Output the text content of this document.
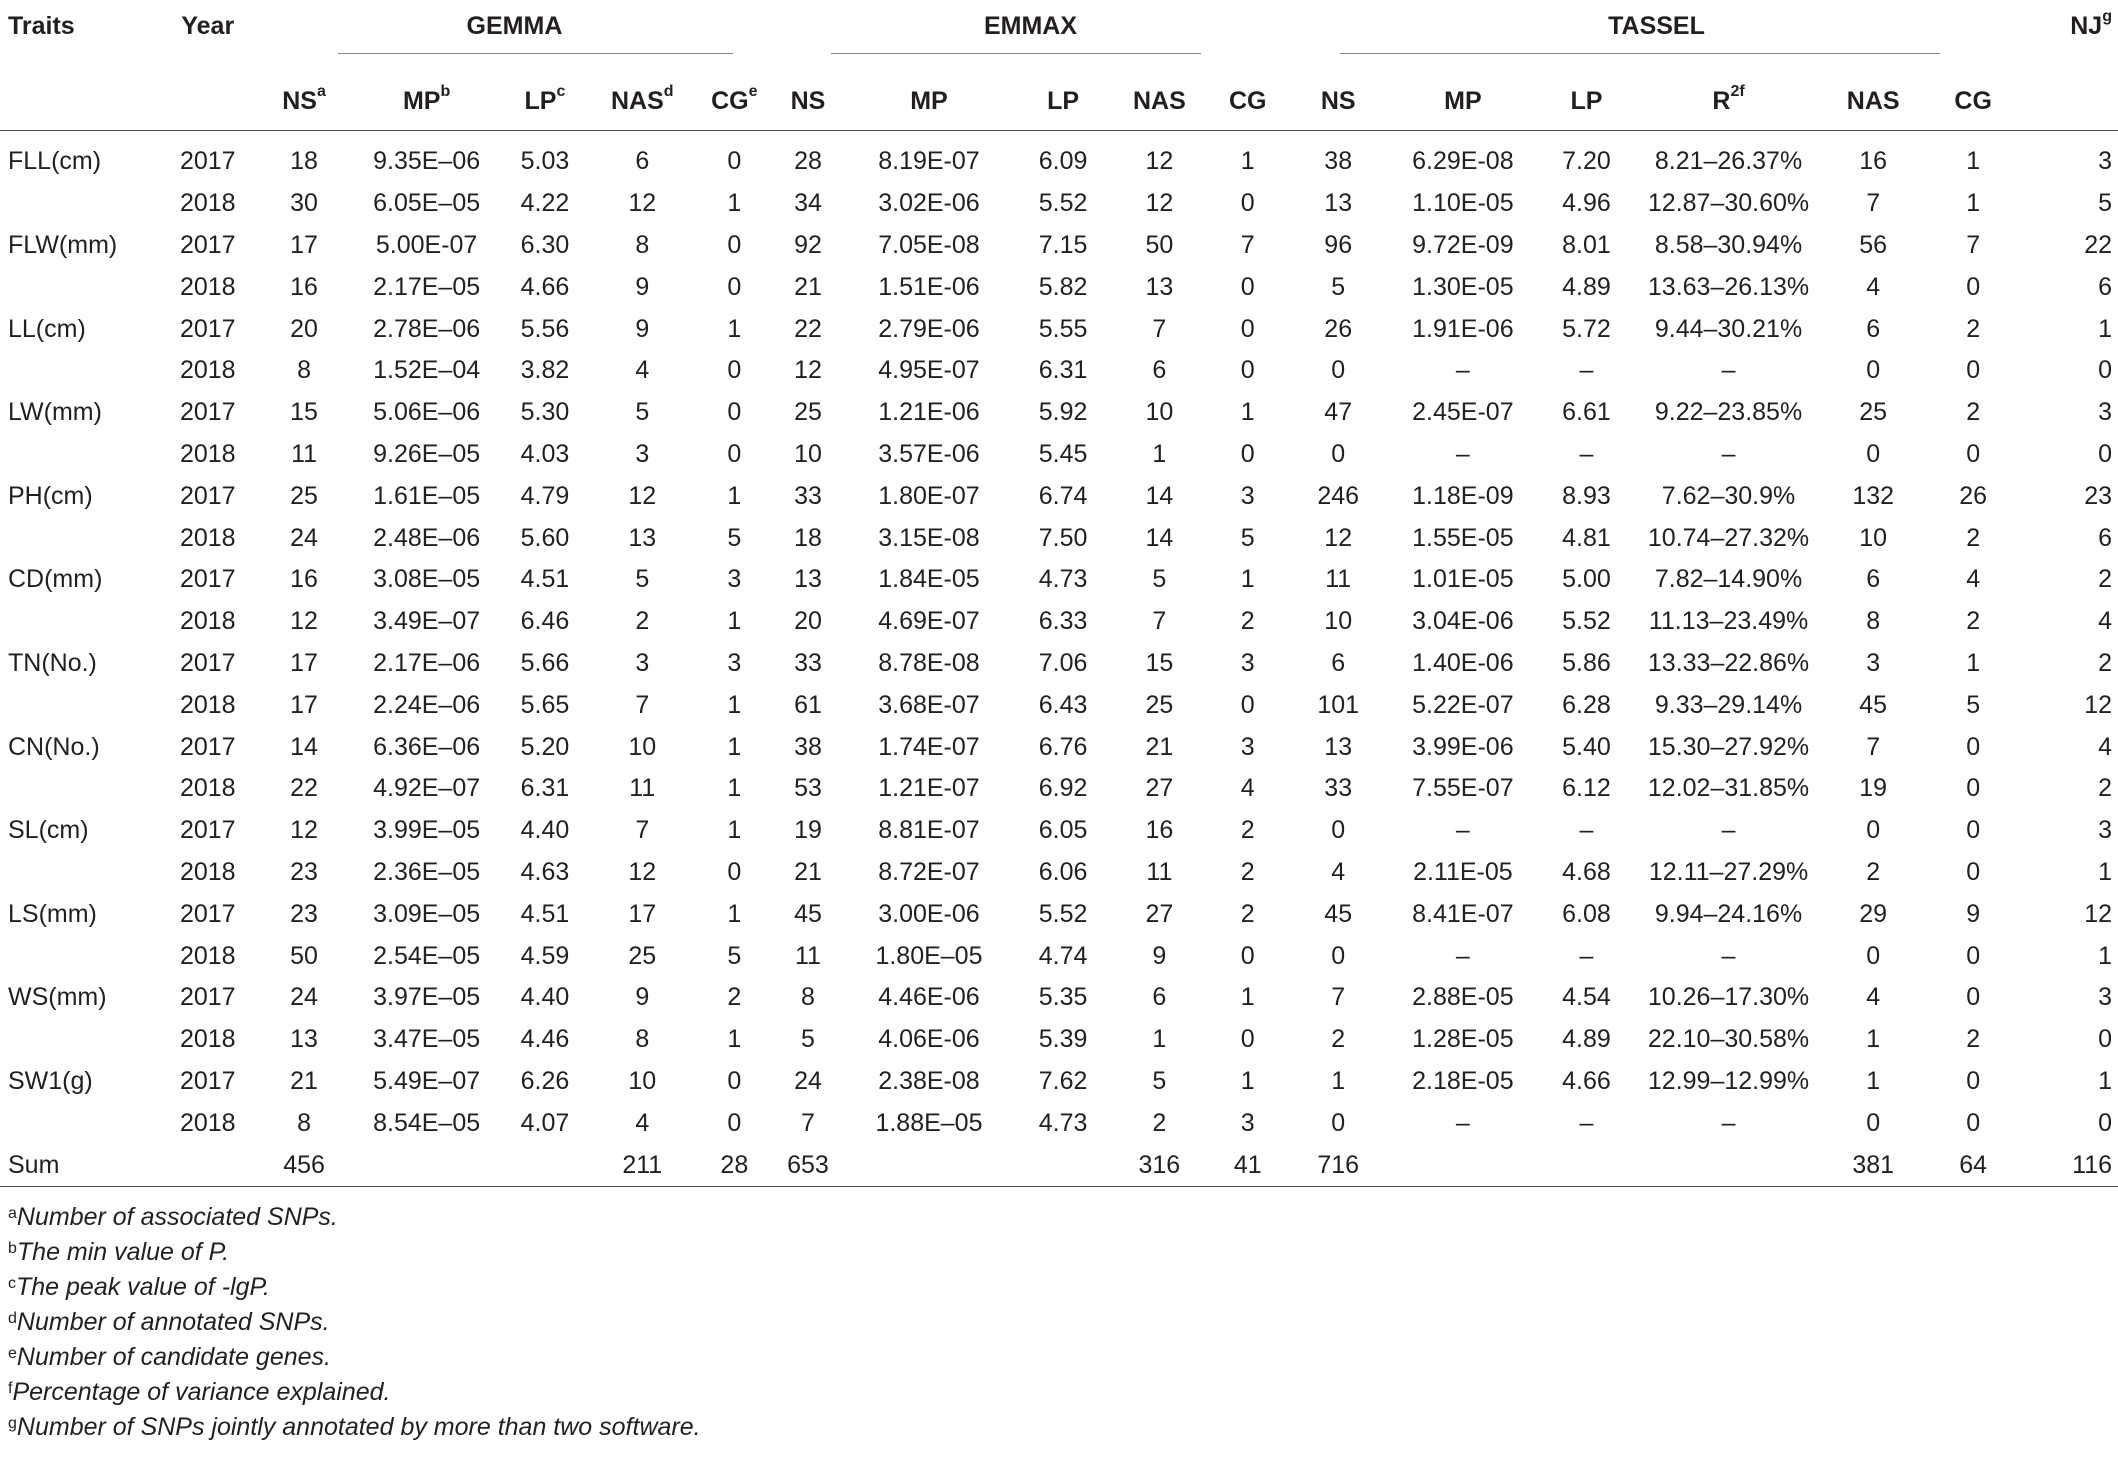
Traits	Year	GEMMA					EMMAX					TASSEL						$NJ^g$
		$NS^a$	$MP^b$	$LP^c$	NAS$^d$	$CG^e$	NS	MP	LP	NAS	CG	NS	MP	LP	$R^{2f}$	NAS	CG	
FLL(cm)	2017	18	9.35E–06	5.03	6	0	28	8.19E-07	6.09	12	1	38	6.29E-08	7.20	8.21–26.37%	16	1	3
	2018	30	6.05E–05	4.22	12	1	34	3.02E-06	5.52	12	0	13	1.10E-05	4.96	12.87–30.60%	7	1	5
FLW(mm)	2017	17	5.00E-07	6.30	8	0	92	7.05E-08	7.15	50	7	96	9.72E-09	8.01	8.58–30.94%	56	7	22
	2018	16	2.17E–05	4.66	9	0	21	1.51E-06	5.82	13	0	5	1.30E-05	4.89	13.63–26.13%	4	0	6
LL(cm)	2017	20	2.78E–06	5.56	9	1	22	2.79E-06	5.55	7	0	26	1.91E-06	5.72	9.44–30.21%	6	2	1
	2018	8	1.52E–04	3.82	4	0	12	4.95E-07	6.31	6	0	0	–	–	–	0	0	0
LW(mm)	2017	15	5.06E–06	5.30	5	0	25	1.21E-06	5.92	10	1	47	2.45E-07	6.61	9.22–23.85%	25	2	3
	2018	11	9.26E–05	4.03	3	0	10	3.57E-06	5.45	1	0	0	–	–	–	0	0	0
PH(cm)	2017	25	1.61E–05	4.79	12	1	33	1.80E-07	6.74	14	3	246	1.18E-09	8.93	7.62–30.9%	132	26	23
	2018	24	2.48E–06	5.60	13	5	18	3.15E-08	7.50	14	5	12	1.55E-05	4.81	10.74–27.32%	10	2	6
CD(mm)	2017	16	3.08E–05	4.51	5	3	13	1.84E-05	4.73	5	1	11	1.01E-05	5.00	7.82–14.90%	6	4	2
	2018	12	3.49E–07	6.46	2	1	20	4.69E-07	6.33	7	2	10	3.04E-06	5.52	11.13–23.49%	8	2	4
TN(No.)	2017	17	2.17E–06	5.66	3	3	33	8.78E-08	7.06	15	3	6	1.40E-06	5.86	13.33–22.86%	3	1	2
	2018	17	2.24E–06	5.65	7	1	61	3.68E-07	6.43	25	0	101	5.22E-07	6.28	9.33–29.14%	45	5	12
CN(No.)	2017	14	6.36E–06	5.20	10	1	38	1.74E-07	6.76	21	3	13	3.99E-06	5.40	15.30–27.92%	7	0	4
	2018	22	4.92E–07	6.31	11	1	53	1.21E-07	6.92	27	4	33	7.55E-07	6.12	12.02–31.85%	19	0	2
SL(cm)	2017	12	3.99E–05	4.40	7	1	19	8.81E-07	6.05	16	2	0	–	–	–	0	0	3
	2018	23	2.36E–05	4.63	12	0	21	8.72E-07	6.06	11	2	4	2.11E-05	4.68	12.11–27.29%	2	0	1
LS(mm)	2017	23	3.09E–05	4.51	17	1	45	3.00E-06	5.52	27	2	45	8.41E-07	6.08	9.94–24.16%	29	9	12
	2018	50	2.54E–05	4.59	25	5	11	1.80E–05	4.74	9	0	0	–	–	–	0	0	1
WS(mm)	2017	24	3.97E–05	4.40	9	2	8	4.46E-06	5.35	6	1	7	2.88E-05	4.54	10.26–17.30%	4	0	3
	2018	13	3.47E–05	4.46	8	1	5	4.06E-06	5.39	1	0	2	1.28E-05	4.89	22.10–30.58%	1	2	0
SW1(g)	2017	21	5.49E–07	6.26	10	0	24	2.38E-08	7.62	5	1	1	2.18E-05	4.66	12.99–12.99%	1	0	1
	2018	8	8.54E–05	4.07	4	0	7	1.88E–05	4.73	2	3	0	–	–	–	0	0	0
Sum		456			211	28	653			316	41	716				381	64	116
$^a$Number of associated SNPs.
$^b$The min value of P.
$^c$The peak value of -lgP.
$^d$Number of annotated SNPs.
$^e$Number of candidate genes.
$^f$Percentage of variance explained.
$^g$Number of SNPs jointly annotated by more than two software.
